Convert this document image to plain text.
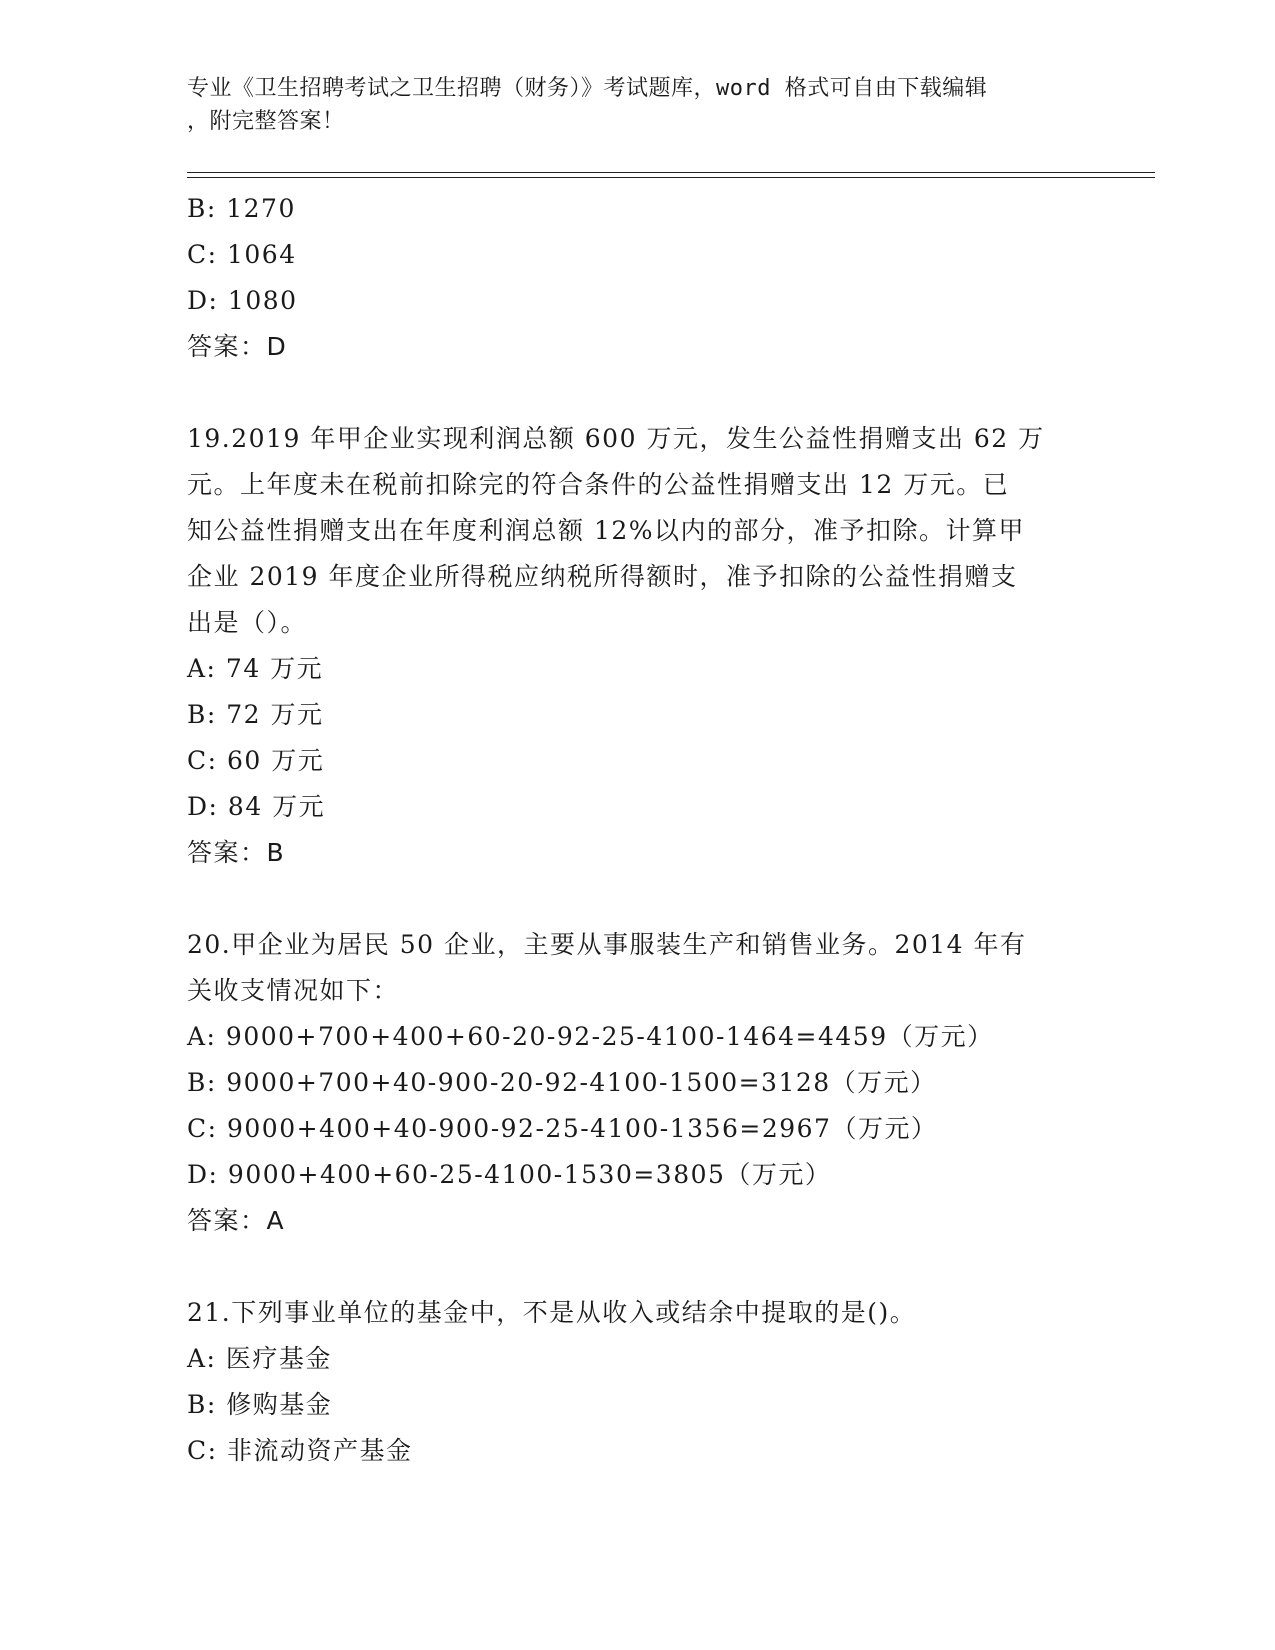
专业《卫生招聘考试之卫生招聘（财务）》考试题库，word 格式可自由下载编辑
，附完整答案！
B: 1270
C: 1064
D: 1080
答案：D
19.2019 年甲企业实现利润总额 600 万元，发生公益性捐赠支出 62 万
元。上年度未在税前扣除完的符合条件的公益性捐赠支出 12 万元。已
知公益性捐赠支出在年度利润总额 12%以内的部分，准予扣除。计算甲
企业 2019 年度企业所得税应纳税所得额时，准予扣除的公益性捐赠支
出是（）。
A: 74 万元
B: 72 万元
C: 60 万元
D: 84 万元
答案：B
20.甲企业为居民 50 企业，主要从事服装生产和销售业务。2014 年有
关收支情况如下：
A: 9000+700+400+60-20-92-25-4100-1464=4459（万元）
B: 9000+700+40-900-20-92-4100-1500=3128（万元）
C: 9000+400+40-900-92-25-4100-1356=2967（万元）
D: 9000+400+60-25-4100-1530=3805（万元）
答案：A
21.下列事业单位的基金中，不是从收入或结余中提取的是()。
A: 医疗基金
B: 修购基金
C: 非流动资产基金
